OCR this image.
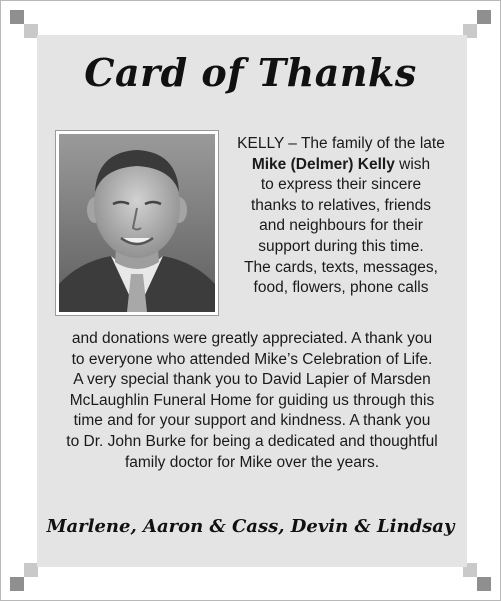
Card of Thanks
KELLY – The family of the late
Mike (Delmer) Kelly wish
to express their sincere
thanks to relatives, friends
and neighbours for their
support during this time.
The cards, texts, messages,
food, flowers, phone calls
and donations were greatly appreciated. A thank you
to everyone who attended Mike’s Celebration of Life.
A very special thank you to David Lapier of Marsden
McLaughlin Funeral Home for guiding us through this
time and for your support and kindness. A thank you
to Dr. John Burke for being a dedicated and thoughtful
family doctor for Mike over the years.
Marlene, Aaron & Cass, Devin & Lindsay
